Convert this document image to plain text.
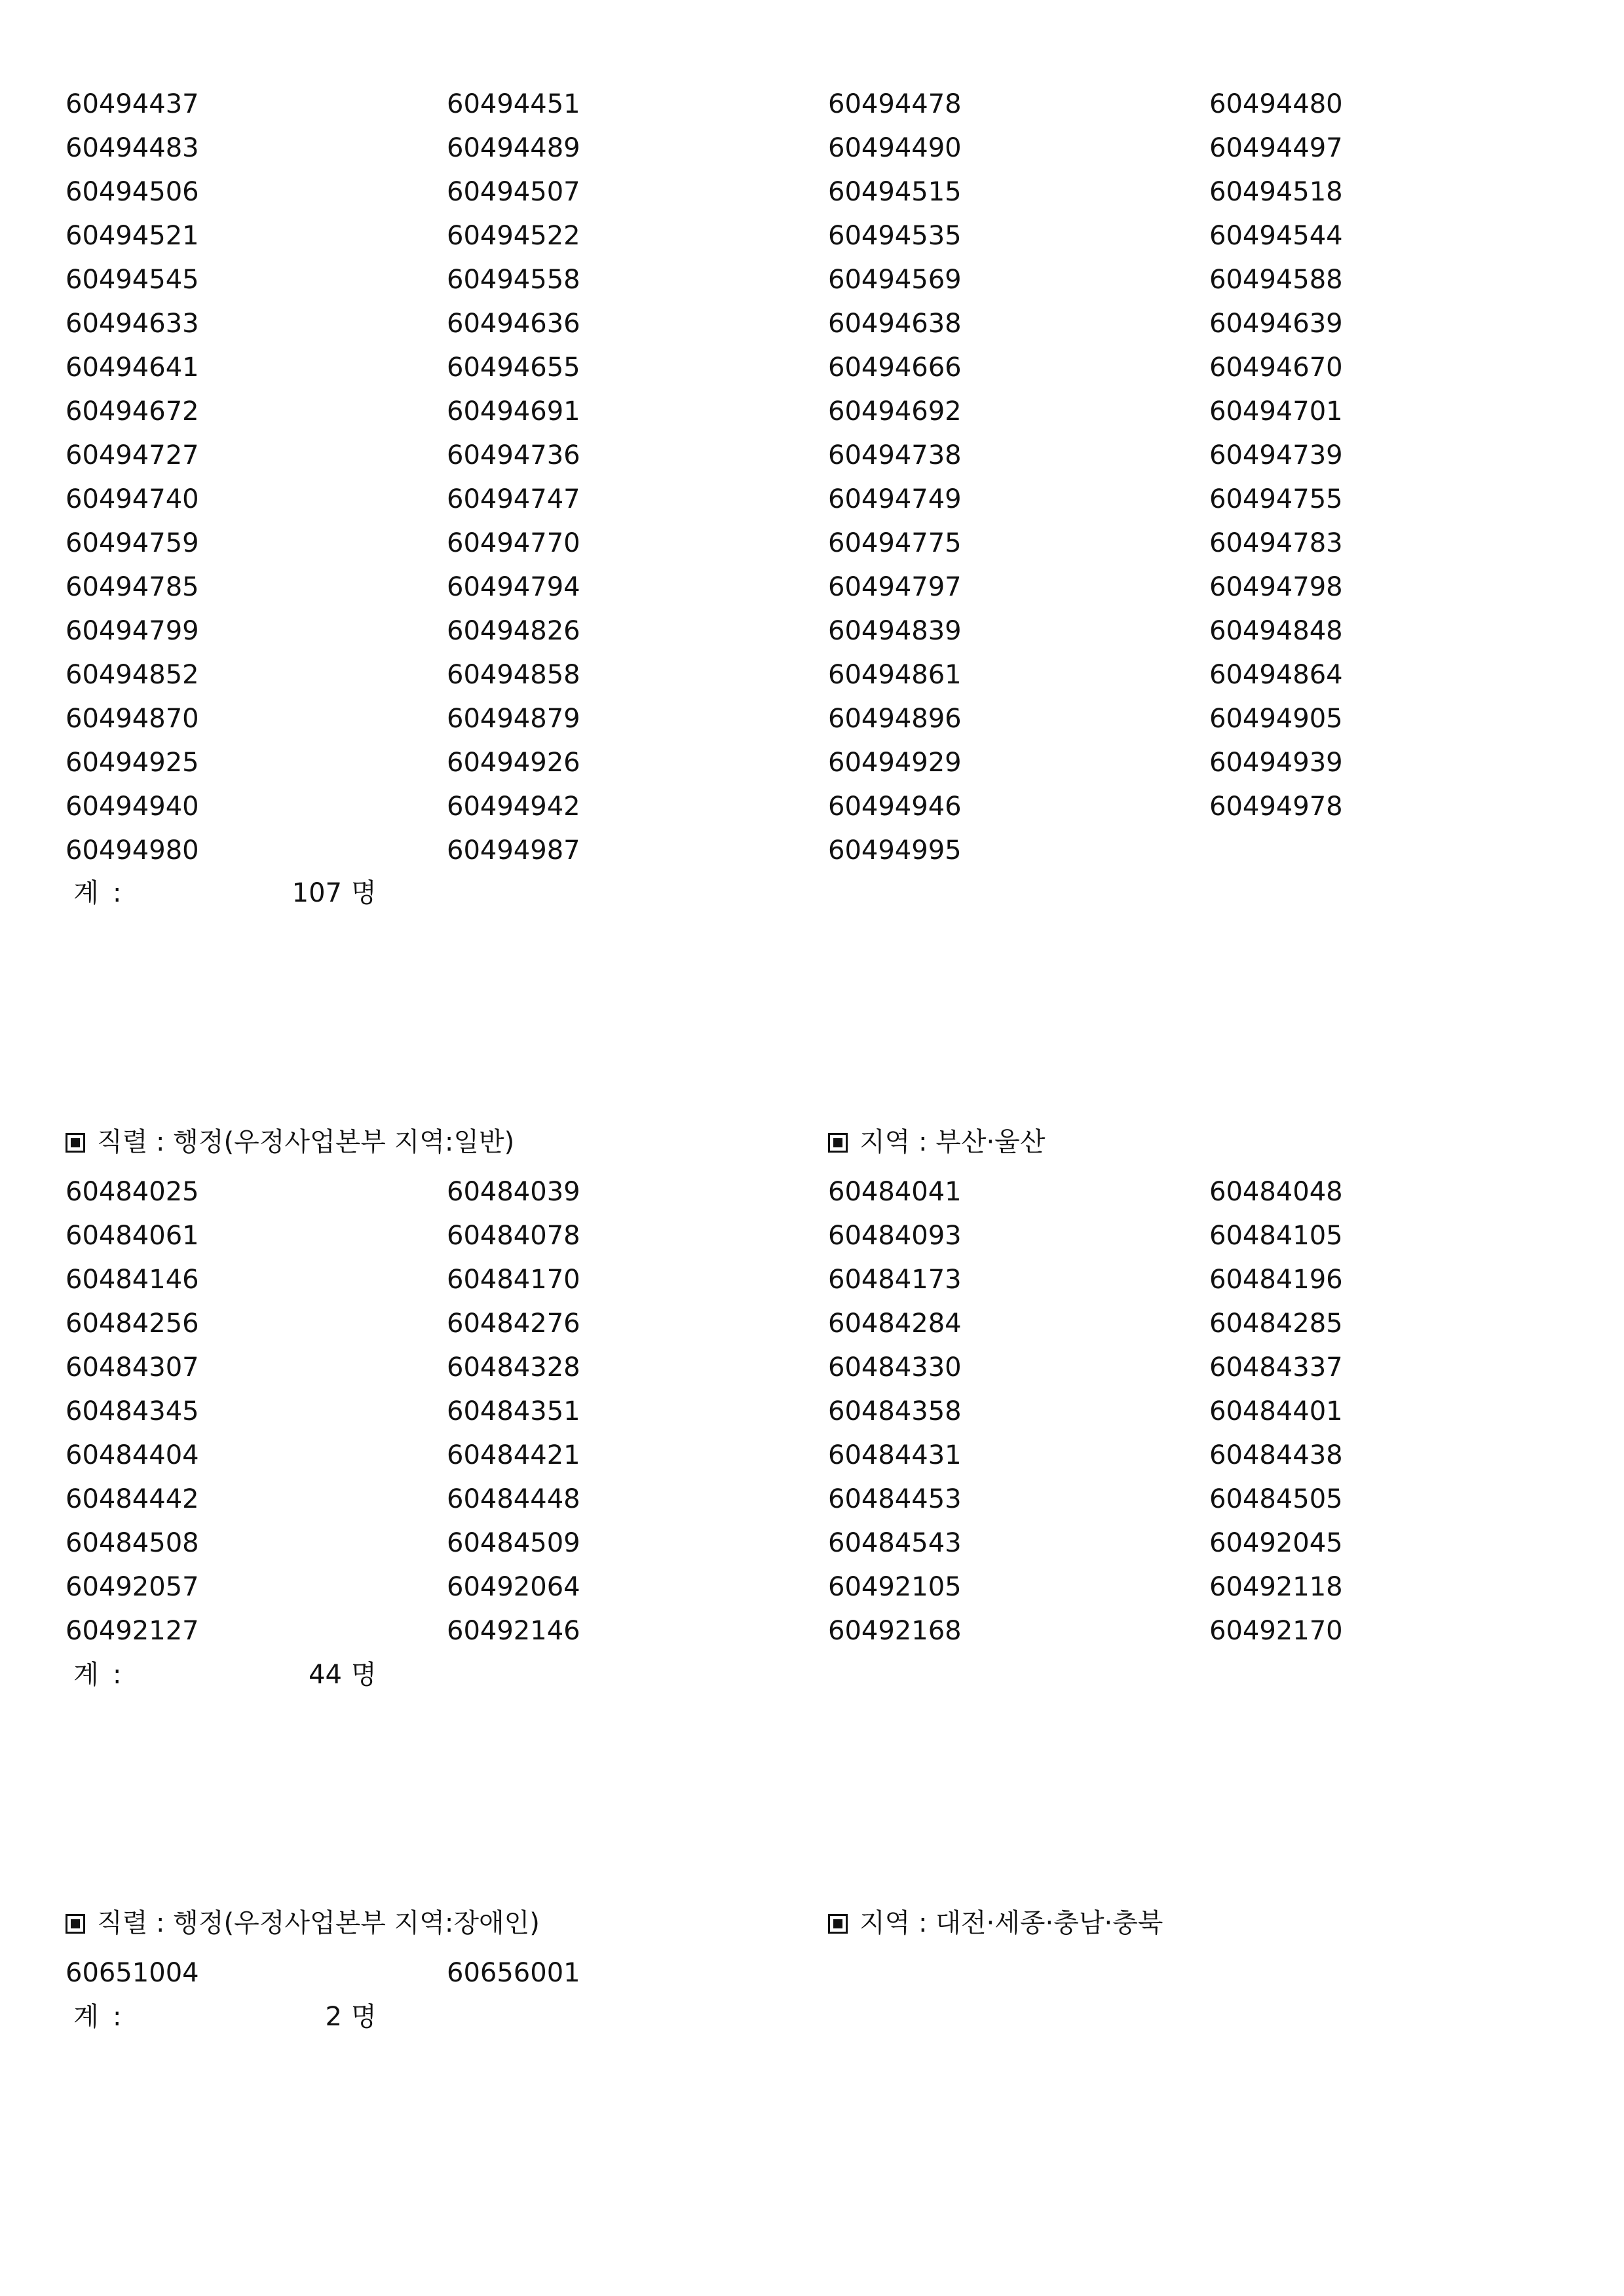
60494437	60494451	60494478	60494480
60494483	60494489	60494490	60494497
60494506	60494507	60494515	60494518
60494521	60494522	60494535	60494544
60494545	60494558	60494569	60494588
60494633	60494636	60494638	60494639
60494641	60494655	60494666	60494670
60494672	60494691	60494692	60494701
60494727	60494736	60494738	60494739
60494740	60494747	60494749	60494755
60494759	60494770	60494775	60494783
60494785	60494794	60494797	60494798
60494799	60494826	60494839	60494848
60494852	60494858	60494861	60494864
60494870	60494879	60494896	60494905
60494925	60494926	60494929	60494939
60494940	60494942	60494946	60494978
60494980	60494987	60494995
계 :	107 명
직렬 : 행정(우정사업본부 지역:일반)	지역 : 부산·울산
60484025	60484039	60484041	60484048
60484061	60484078	60484093	60484105
60484146	60484170	60484173	60484196
60484256	60484276	60484284	60484285
60484307	60484328	60484330	60484337
60484345	60484351	60484358	60484401
60484404	60484421	60484431	60484438
60484442	60484448	60484453	60484505
60484508	60484509	60484543	60492045
60492057	60492064	60492105	60492118
60492127	60492146	60492168	60492170
계 :	44 명
직렬 : 행정(우정사업본부 지역:장애인)	지역 : 대전·세종·충남·충북
60651004	60656001
계 :	2 명
